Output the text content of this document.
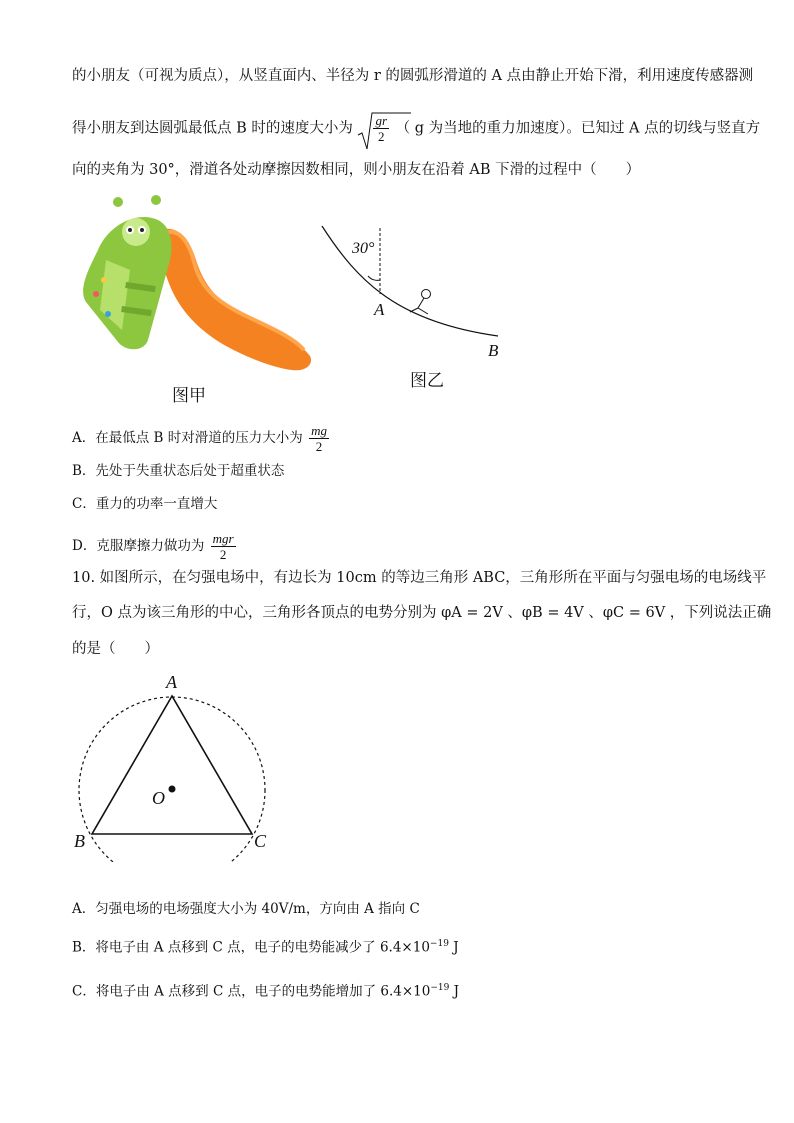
的小朋友（可视为质点），从竖直面内、半径为 r 的圆弧形滑道的 A 点由静止开始下滑，利用速度传感器测
得小朋友到达圆弧最低点 B 时的速度大小为 $\frac{gr}{2}$ （ g 为当地的重力加速度）。已知过 A 点的切线与竖直方
向的夹角为 30°，滑道各处动摩擦因数相同，则小朋友在沿着 AB 下滑的过程中（　　）
图甲
30°
A
B
图乙
A．在最低点 B 时对滑道的压力大小为 $\frac{mg}{2}$
B．先处于失重状态后处于超重状态
C．重力的功率一直增大
D．克服摩擦力做功为 $\frac{\text{mgr}}{2}$
10. 如图所示，在匀强电场中，有边长为 10cm 的等边三角形 ABC，三角形所在平面与匀强电场的电场线平
行，O 点为该三角形的中心，三角形各顶点的电势分别为 φA = 2V 、φB = 4V 、φC = 6V ，下列说法正确
的是（　　）
A
B	C
O
A．匀强电场的电场强度大小为 40V/m，方向由 A 指向 C
B．将电子由 A 点移到 C 点，电子的电势能减少了 $6.4\times 10^{-19}$ J
C．将电子由 A 点移到 C 点，电子的电势能增加了 $6.4\times 10^{-19}$ J
